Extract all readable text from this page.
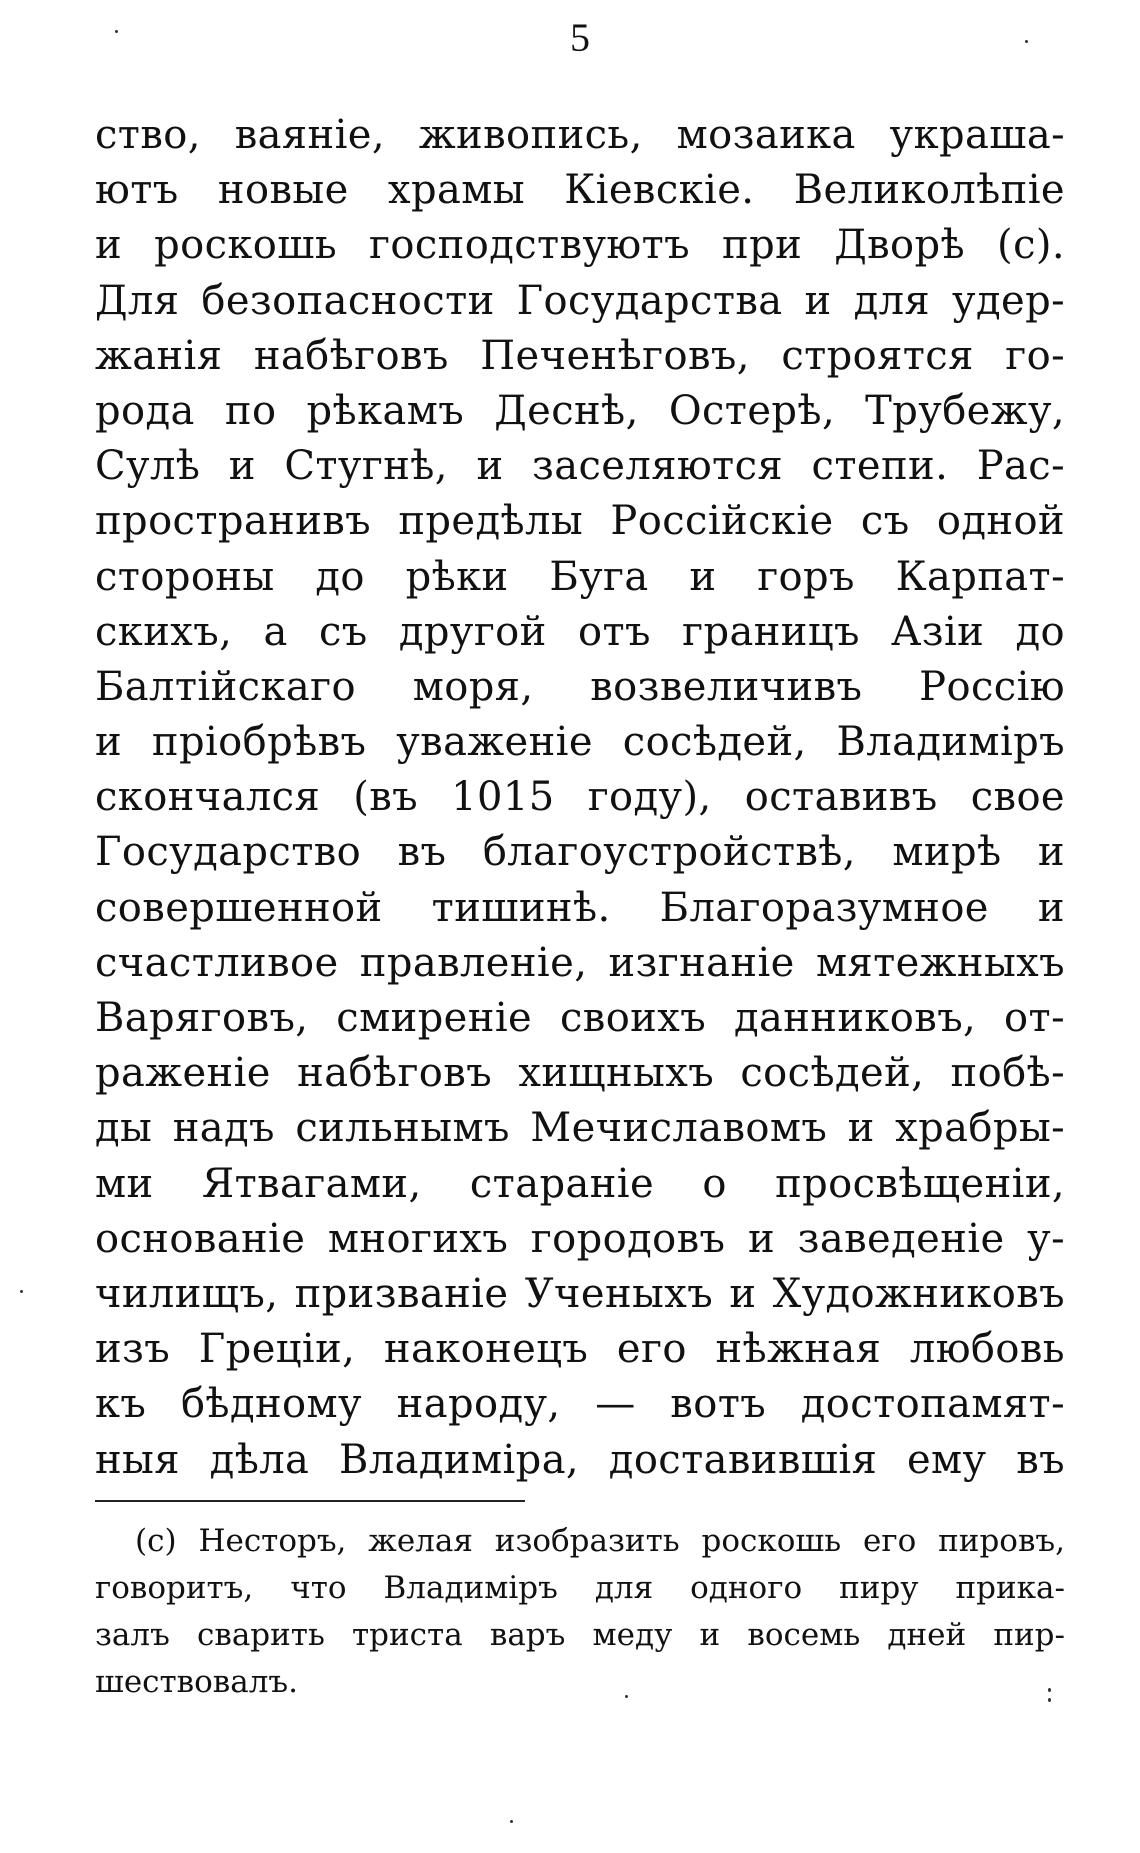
5
ство, ваяніе, живопись, мозаика украша-
ютъ новые храмы Кіевскіе. Великолѣпіе
и роскошь господствуютъ при Дворѣ (c).
Для безопасности Государства и для удер-
жанія набѣговъ Печенѣговъ, строятся го-
рода по рѣкамъ Деснѣ, Остерѣ, Трубежу,
Сулѣ и Стугнѣ, и заселяются степи. Рас-
пространивъ предѣлы Россійскіе съ одной
стороны до рѣки Буга и горъ Карпат-
скихъ, а съ другой отъ границъ Азіи до
Балтійскаго моря, возвеличивъ Россію
и пріобрѣвъ уваженіе сосѣдей, Владиміръ
скончался (въ 1015 году), оставивъ свое
Государство въ благоустройствѣ, мирѣ и
совершенной тишинѣ. Благоразумное и
счастливое правленіе, изгнаніе мятежныхъ
Варяговъ, смиреніе своихъ данниковъ, от-
раженіе набѣговъ хищныхъ сосѣдей, побѣ-
ды надъ сильнымъ Мечиславомъ и храбры-
ми Ятвагами, стараніе о просвѣщеніи,
основаніе многихъ городовъ и заведеніе у-
чилищъ, призваніе Ученыхъ и Художниковъ
изъ Греціи, наконецъ его нѣжная любовь
къ бѣдному народу, — вотъ достопамят-
ныя дѣла Владиміра, доставившія ему въ
(c) Несторъ, желая изобразить роскошь его пировъ,
говоритъ, что Владиміръ для одного пиру прика-
залъ сварить триста варъ меду и восемь дней пир-
шествовалъ.
